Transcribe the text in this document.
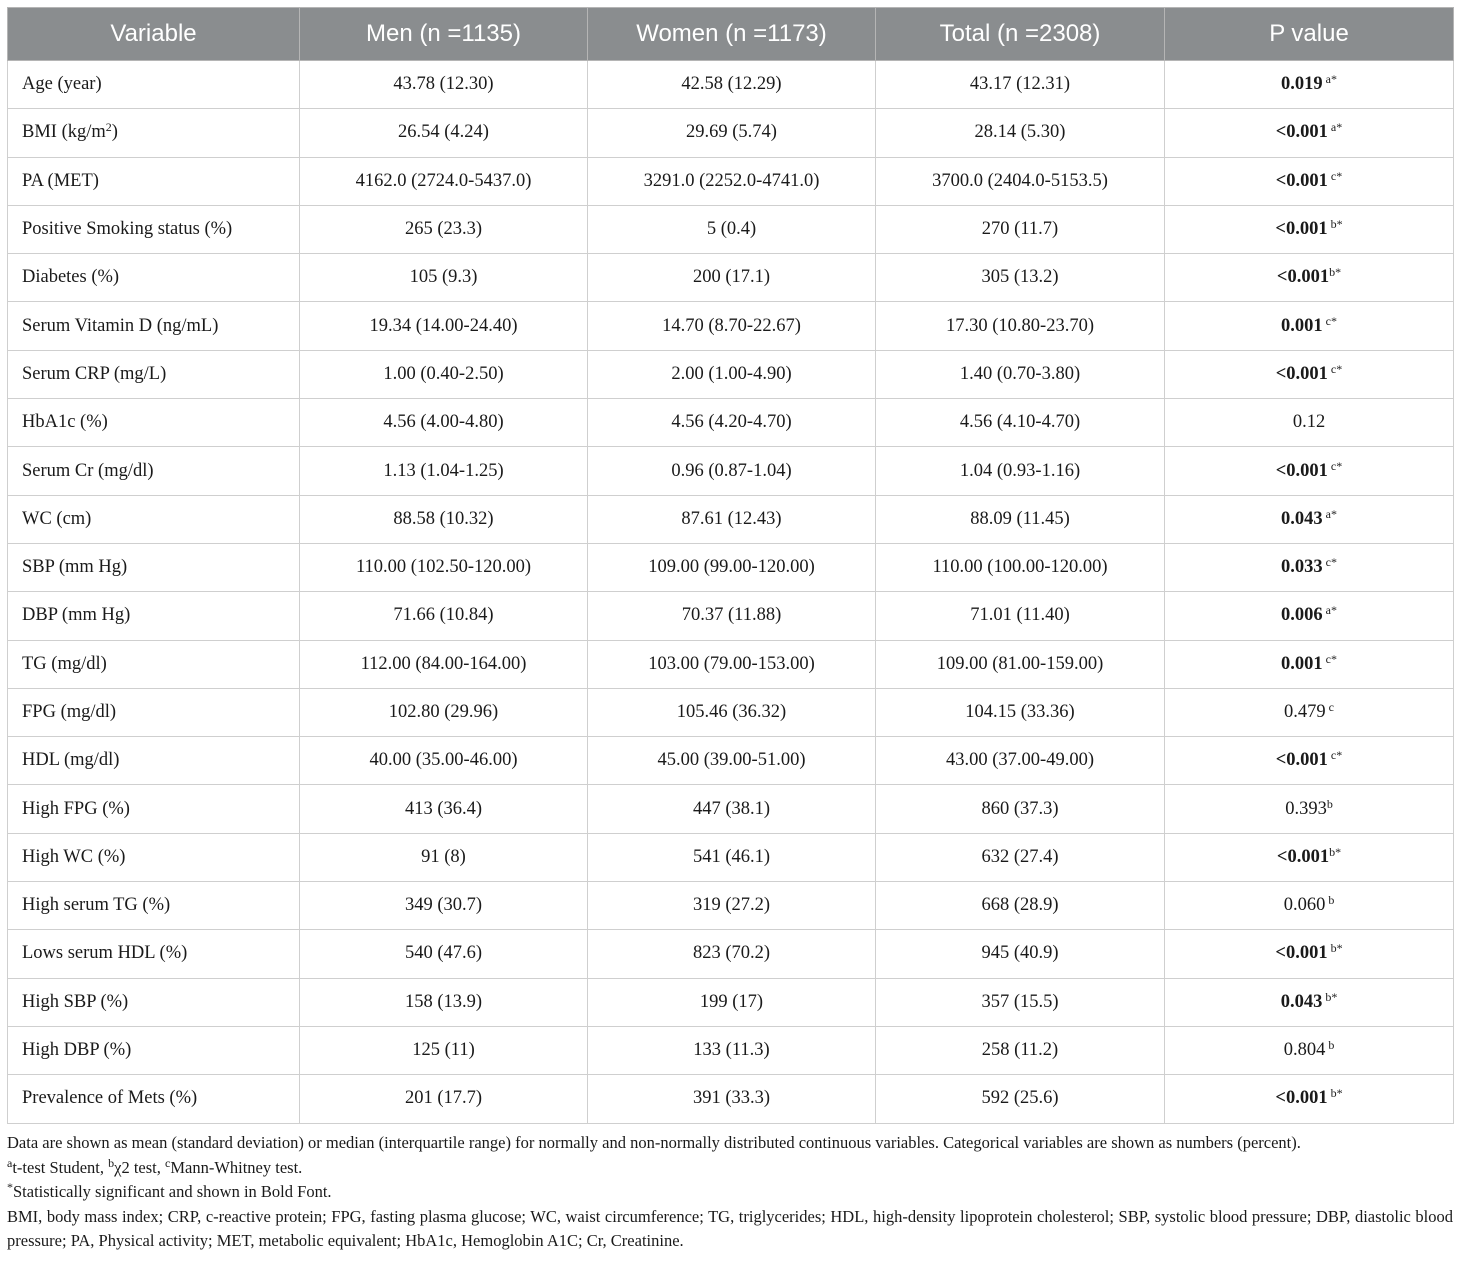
Variable	Men (n =1135)	Women (n =1173)	Total (n =2308)	P value
Age (year)	43.78 (12.30)	42.58 (12.29)	43.17 (12.31)	0.019 $^{a*}$
BMI $(kg/m^2)$	26.54 (4.24)	29.69 (5.74)	28.14 (5.30)	<0.001 $^{a*}$
PA (MET)	4162.0 (2724.0-5437.0)	3291.0 (2252.0-4741.0)	3700.0 (2404.0-5153.5)	<0.001 $^{c*}$
Positive Smoking status (%)	265 (23.3)	5 (0.4)	270 (11.7)	<0.001 $^{b*}$
Diabetes (%)	105 (9.3)	200 (17.1)	305 (13.2)	$<0.001^{b*}$
Serum Vitamin D (ng/mL)	19.34 (14.00-24.40)	14.70 (8.70-22.67)	17.30 (10.80-23.70)	0.001 $^{c*}$
Serum CRP (mg/L)	1.00 (0.40-2.50)	2.00 (1.00-4.90)	1.40 (0.70-3.80)	<0.001 $^{c*}$
HbA1c (%)	4.56 (4.00-4.80)	4.56 (4.20-4.70)	4.56 (4.10-4.70)	0.12
Serum Cr (mg/dl)	1.13 (1.04-1.25)	0.96 (0.87-1.04)	1.04 (0.93-1.16)	<0.001 $^{c*}$
WC (cm)	88.58 (10.32)	87.61 (12.43)	88.09 (11.45)	0.043 $^{a*}$
SBP (mm Hg)	110.00 (102.50-120.00)	109.00 (99.00-120.00)	110.00 (100.00-120.00)	0.033 $^{c*}$
DBP (mm Hg)	71.66 (10.84)	70.37 (11.88)	71.01 (11.40)	0.006 $^{a*}$
TG (mg/dl)	112.00 (84.00-164.00)	103.00 (79.00-153.00)	109.00 (81.00-159.00)	0.001 $^{c*}$
FPG (mg/dl)	102.80 (29.96)	105.46 (36.32)	104.15 (33.36)	0.479 $^c$
HDL (mg/dl)	40.00 (35.00-46.00)	45.00 (39.00-51.00)	43.00 (37.00-49.00)	<0.001 $^{c*}$
High FPG (%)	413 (36.4)	447 (38.1)	860 (37.3)	0.393$^b$
High WC (%)	91 (8)	541 (46.1)	632 (27.4)	$<0.001^{b*}$
High serum TG (%)	349 (30.7)	319 (27.2)	668 (28.9)	0.060 $^b$
Lows serum HDL (%)	540 (47.6)	823 (70.2)	945 (40.9)	<0.001 $^{b*}$
High SBP (%)	158 (13.9)	199 (17)	357 (15.5)	0.043 $^{b*}$
High DBP (%)	125 (11)	133 (11.3)	258 (11.2)	0.804 $^b$
Prevalence of Mets (%)	201 (17.7)	391 (33.3)	592 (25.6)	<0.001 $^{b*}$

Data are shown as mean (standard deviation) or median (interquartile range) for normally and non-normally distributed continuous variables. Categorical variables are shown as numbers (percent).

$^a$t-test Student, $^b$χ2 test, $^c$Mann-Whitney test.

*Statistically significant and shown in Bold Font.

BMI, body mass index; CRP, c-reactive protein; FPG, fasting plasma glucose; WC, waist circumference; TG, triglycerides; HDL, high-density lipoprotein cholesterol; SBP, systolic blood pressure; DBP, diastolic blood pressure; PA, Physical activity; MET, metabolic equivalent; HbA1c, Hemoglobin A1C; Cr, Creatinine.
